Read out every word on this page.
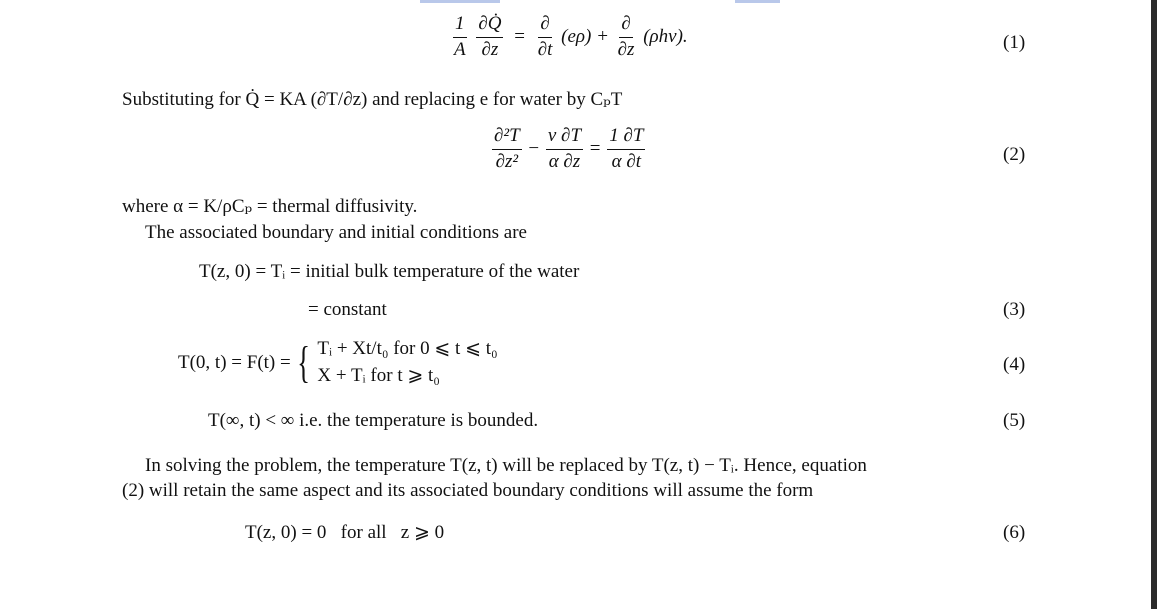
$\frac{1}{A}$
$\frac{\partial Q̇}{\partial z} = \frac{\partial}{\partial t} (e\rho) + \frac{\partial}{\partial z} (\rho hv)$.	(1)
Substituting for Q̇ = KA (∂T/∂z) and replacing e for water by CₚT
$\frac{\text{∂²T}}{\text{∂z²}} - \frac{v \partial T}{\alpha \partial z} = \frac{1 \partial T}{\alpha \partial t}$	(2)
where α = K/ρCₚ = thermal diffusivity.
The associated boundary and initial conditions are
T(z, 0) = Tᵢ = initial bulk temperature of the water
= constant	(3)
T(0, t) = F(t) = { Tᵢ + Xt/t₀ for 0 ⩽ t ⩽ t₀
X + Tᵢ for t ⩾ t₀
(4)
T(∞, t) < ∞ i.e. the temperature is bounded.	(5)
In solving the problem, the temperature T(z, t) will be replaced by T(z, t) − Tᵢ. Hence, equation
(2) will retain the same aspect and its associated boundary conditions will assume the form
T(z, 0) = 0   for all   z ⩾ 0	(6)
